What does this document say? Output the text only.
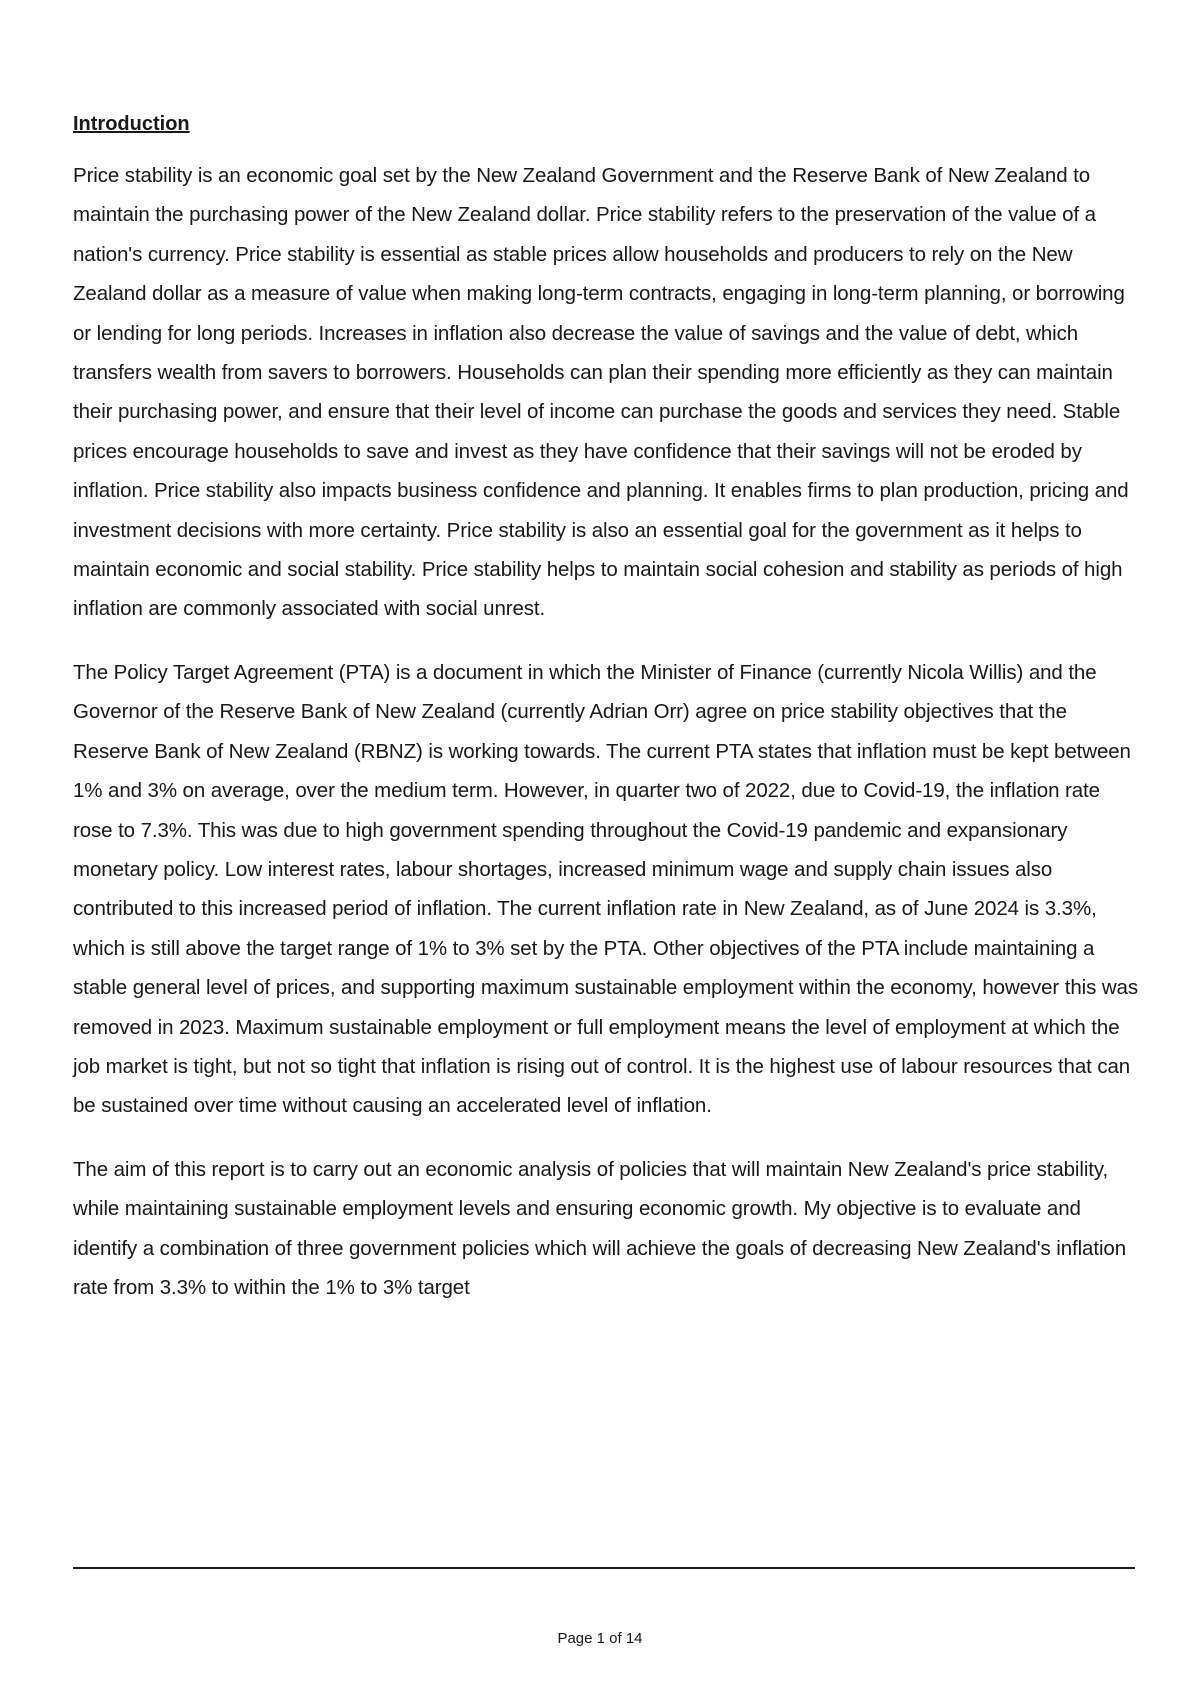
Introduction

Price stability is an economic goal set by the New Zealand Government and the Reserve Bank of New Zealand to maintain the purchasing power of the New Zealand dollar. Price stability refers to the preservation of the value of a nation's currency. Price stability is essential as stable prices allow households and producers to rely on the New Zealand dollar as a measure of value when making long-term contracts, engaging in long-term planning, or borrowing or lending for long periods. Increases in inflation also decrease the value of savings and the value of debt, which transfers wealth from savers to borrowers. Households can plan their spending more efficiently as they can maintain their purchasing power, and ensure that their level of income can purchase the goods and services they need. Stable prices encourage households to save and invest as they have confidence that their savings will not be eroded by inflation. Price stability also impacts business confidence and planning. It enables firms to plan production, pricing and investment decisions with more certainty. Price stability is also an essential goal for the government as it helps to maintain economic and social stability. Price stability helps to maintain social cohesion and stability as periods of high inflation are commonly associated with social unrest.

The Policy Target Agreement (PTA) is a document in which the Minister of Finance (currently Nicola Willis) and the Governor of the Reserve Bank of New Zealand (currently Adrian Orr) agree on price stability objectives that the Reserve Bank of New Zealand (RBNZ) is working towards. The current PTA states that inflation must be kept between 1% and 3% on average, over the medium term. However, in quarter two of 2022, due to Covid-19, the inflation rate rose to 7.3%. This was due to high government spending throughout the Covid-19 pandemic and expansionary monetary policy. Low interest rates, labour shortages, increased minimum wage and supply chain issues also contributed to this increased period of inflation. The current inflation rate in New Zealand, as of June 2024 is 3.3%, which is still above the target range of 1% to 3% set by the PTA. Other objectives of the PTA include maintaining a stable general level of prices, and supporting maximum sustainable employment within the economy, however this was removed in 2023. Maximum sustainable employment or full employment means the level of employment at which the job market is tight, but not so tight that inflation is rising out of control. It is the highest use of labour resources that can be sustained over time without causing an accelerated level of inflation.

The aim of this report is to carry out an economic analysis of policies that will maintain New Zealand's price stability, while maintaining sustainable employment levels and ensuring economic growth. My objective is to evaluate and identify a combination of three government policies which will achieve the goals of decreasing New Zealand's inflation rate from 3.3% to within the 1% to 3% target

Page 1 of 14
